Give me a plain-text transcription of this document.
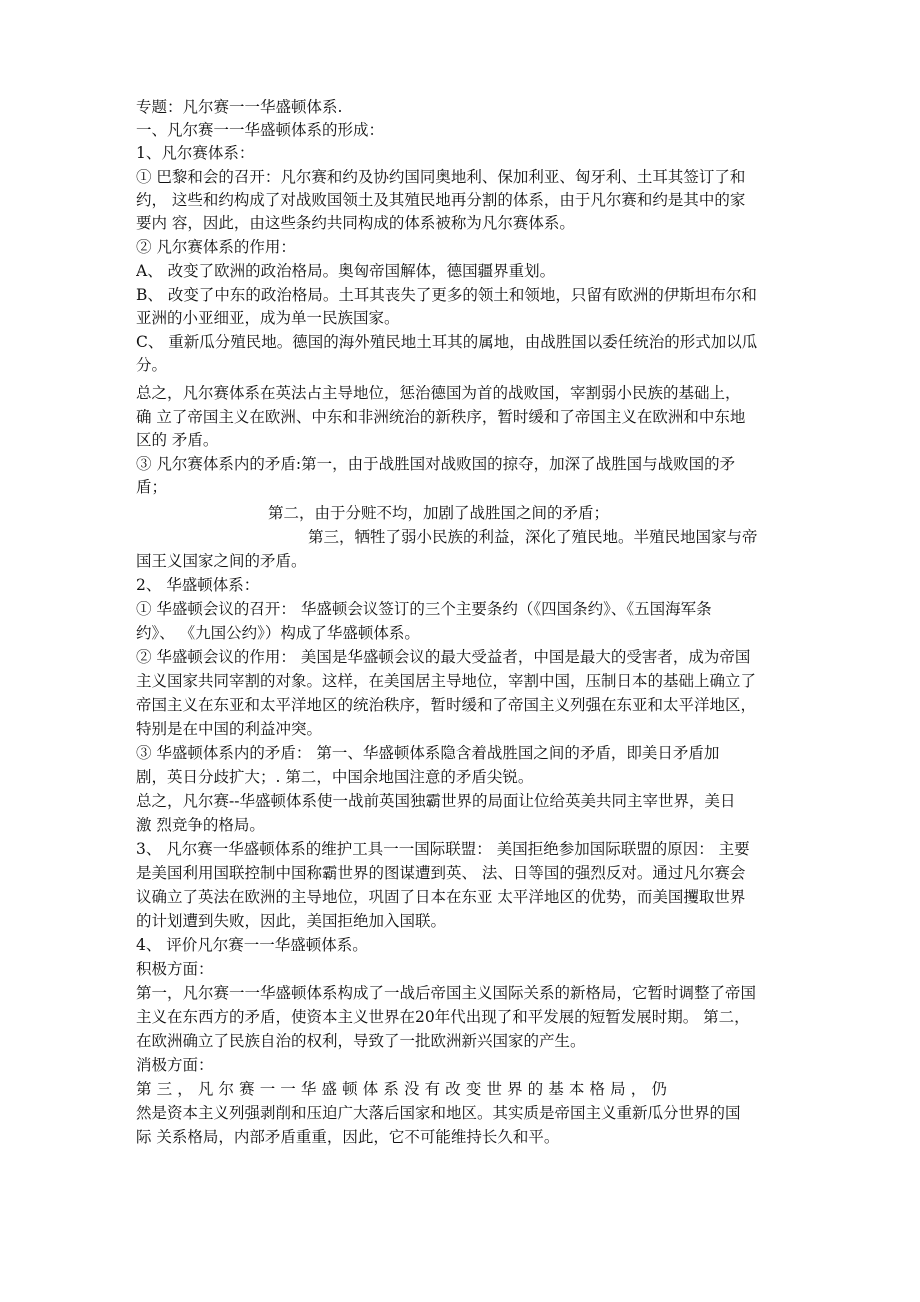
专题：凡尔赛一一华盛顿体系.
一、凡尔赛一一华盛顿体系的形成：
1、凡尔赛体系：
① 巴黎和会的召开：凡尔赛和约及协约国同奥地利、保加利亚、匈牙利、土耳其签订了和
约， 这些和约构成了对战败国领土及其殖民地再分割的体系，由于凡尔赛和约是其中的家
要内 容，因此，由这些条约共同构成的体系被称为凡尔赛体系。
② 凡尔赛体系的作用：
A、 改变了欧洲的政治格局。奥匈帝国解体，德国疆界重划。
B、 改变了中东的政治格局。土耳其丧失了更多的领土和领地，只留有欧洲的伊斯坦布尔和
亚洲的小亚细亚，成为单一民族国家。
C、 重新瓜分殖民地。德国的海外殖民地土耳其的属地，由战胜国以委任统治的形式加以瓜
分。
总之，凡尔赛体系在英法占主导地位，惩治德国为首的战败国，宰割弱小民族的基础上，
确 立了帝国主义在欧洲、中东和非洲统治的新秩序，暂时缓和了帝国主义在欧洲和中东地
区的 矛盾。
③ 凡尔赛体系内的矛盾:第一，由于战胜国对战败国的掠夺，加深了战胜国与战败国的矛
盾；
第二，由于分赃不均，加剧了战胜国之间的矛盾；
第三，牺牲了弱小民族的利益，深化了殖民地。半殖民地国家与帝
国王义国家之间的矛盾。
2、 华盛顿体系：
① 华盛顿会议的召开： 华盛顿会议签订的三个主要条约（《四国条约》、《五国海军条
约》、 《九国公约》）构成了华盛顿体系。
② 华盛顿会议的作用： 美国是华盛顿会议的最大受益者，中国是最大的受害者，成为帝国
主义国家共同宰割的对象。这样，在美国居主导地位，宰割中国，压制日本的基础上确立了
帝国主义在东亚和太平洋地区的统治秩序，暂时缓和了帝国主义列强在东亚和太平洋地区，
特别是在中国的利益冲突。
③ 华盛顿体系内的矛盾： 第一、华盛顿体系隐含着战胜国之间的矛盾，即美日矛盾加
剧，英日分歧扩大；. 第二，中国余地国注意的矛盾尖锐。
总之，凡尔赛--华盛顿体系使一战前英国独霸世界的局面让位给英美共同主宰世界，美日
激 烈竞争的格局。
3、 凡尔赛一华盛顿体系的维护工具一一国际联盟： 美国拒绝参加国际联盟的原因： 主要
是美国利用国联控制中国称霸世界的图谋遭到英、 法、日等国的强烈反对。通过凡尔赛会
议确立了英法在欧洲的主导地位，巩固了日本在东亚 太平洋地区的优势，而美国攫取世界
的计划遭到失败，因此，美国拒绝加入国联。
4、 评价凡尔赛一一华盛顿体系。
积极方面：
第一，凡尔赛一一华盛顿体系构成了一战后帝国主义国际关系的新格局，它暂时调整了帝国
主义在东西方的矛盾，使资本主义世界在20年代出现了和平发展的短暂发展时期。 第二，
在欧洲确立了民族自治的权利，导致了一批欧洲新兴国家的产生。
消极方面：
第三，凡尔赛一一华盛顿体系没有改变世界的基本格局，仍
然是资本主义列强剥削和压迫广大落后国家和地区。其实质是帝国主义重新瓜分世界的国
际 关系格局，内部矛盾重重，因此，它不可能维持长久和平。
